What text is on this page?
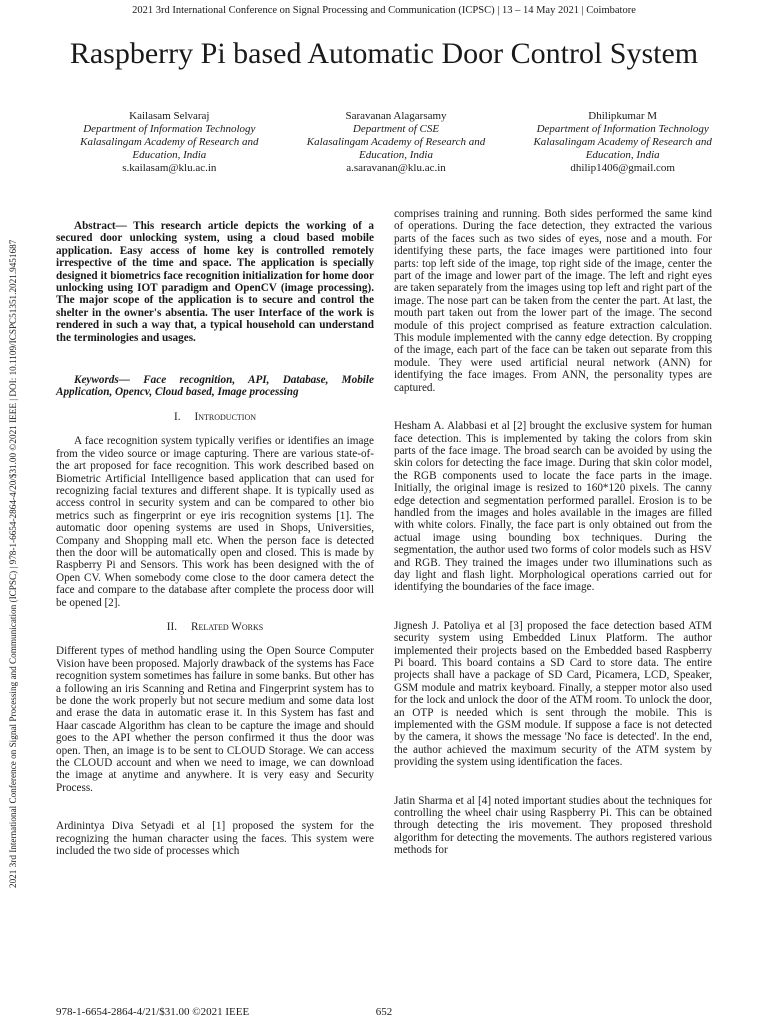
2021 3rd International Conference on Signal Processing and Communication (ICPSC) | 13 – 14 May 2021 | Coimbatore
2021 3rd International Conference on Signal Processing and Communication (ICPSC) | 978-1-6654-2864-4/20/$31.00 ©2021 IEEE | DOI: 10.1109/ICSPC51351.2021.9451687
Raspberry Pi based Automatic Door Control System
Kailasam Selvaraj
Department of Information Technology
Kalasalingam Academy of Research and Education, India
s.kailasam@klu.ac.in
Saravanan Alagarsamy
Department of CSE
Kalasalingam Academy of Research and Education, India
a.saravanan@klu.ac.in
Dhilipkumar M
Department of Information Technology
Kalasalingam Academy of Research and Education, India
dhilip1406@gmail.com

Abstract— This research article depicts the working of a secured door unlocking system, using a cloud based mobile application. Easy access of home key is controlled remotely irrespective of the time and space. The application is specially designed it biometrics face recognition initialization for home door unlocking using IOT paradigm and OpenCV (image processing). The major scope of the application is to secure and control the shelter in the owner's absentia. The user Interface of the work is rendered in such a way that, a typical household can understand the terminologies and usages.

Keywords— Face recognition, API, Database, Mobile Application, Opencv, Cloud based, Image processing

I. Introduction

A face recognition system typically verifies or identifies an image from the video source or image capturing. There are various state-of-the art proposed for face recognition. This work described based on Biometric Artificial Intelligence based application that can used for recognizing facial textures and different shape. It is typically used as access control in security system and can be compared to other bio metrics such as fingerprint or eye iris recognition systems [1]. The automatic door opening systems are used in Shops, Universities, Company and Shopping mall etc. When the person face is detected then the door will be automatically open and closed. This is made by Raspberry Pi and Sensors. This work has been designed with the of Open CV. When somebody come close to the door camera detect the face and compare to the database after complete the process door will be opened [2].

II. Related Works

Different types of method handling using the Open Source Computer Vision have been proposed. Majorly drawback of the systems has Face recognition system sometimes has failure in some banks. But other has a following an iris Scanning and Retina and Fingerprint system has to be done the work properly but not secure medium and some data lost and erase the data in automatic erase it. In this System has fast and Haar cascade Algorithm has clean to be capture the image and should goes to the API whether the person confirmed it thus the door was open. Then, an image is to be sent to CLOUD Storage. We can access the CLOUD account and when we need to image, we can download the image at anytime and anywhere. It is very easy and Security Process.

Ardinintya Diva Setyadi et al [1] proposed the system for the recognizing the human character using the faces. This system were included the two side of processes which

comprises training and running. Both sides performed the same kind of operations. During the face detection, they extracted the various parts of the faces such as two sides of eyes, nose and a mouth. For identifying these parts, the face images were partitioned into four parts: top left side of the image, top right side of the image, center the part of the image and lower part of the image. The left and right eyes are taken separately from the images using top left and right part of the image. The nose part can be taken from the center the part. At last, the mouth part taken out from the lower part of the image. The second module of this project comprised as feature extraction calculation. This module implemented with the canny edge detection. By cropping of the image, each part of the face can be taken out separate from this module. They were used artificial neural network (ANN) for identifying the face images. From ANN, the personality types are captured.

Hesham A. Alabbasi et al [2] brought the exclusive system for human face detection. This is implemented by taking the colors from skin parts of the face image. The broad search can be avoided by using the skin colors for detecting the face image. During that skin color model, the RGB components used to locate the face parts in the image. Initially, the original image is resized to 160*120 pixels. The canny edge detection and segmentation performed parallel. Erosion is to be handled from the images and holes available in the images are filled with white colors. Finally, the face part is only obtained out from the actual image using bounding box techniques. During the segmentation, the author used two forms of color models such as HSV and RGB. They trained the images under two illuminations such as day light and flash light. Morphological operations carried out for identifying the boundaries of the face image.

Jignesh J. Patoliya et al [3] proposed the face detection based ATM security system using Embedded Linux Platform. The author implemented their projects based on the Embedded based Raspberry Pi board. This board contains a SD Card to store data. The entire projects shall have a package of SD Card, Picamera, LCD, Speaker, GSM module and matrix keyboard. Finally, a stepper motor also used for the lock and unlock the door of the ATM room. To unlock the door, an OTP is needed which is sent through the mobile. This is implemented with the GSM module. If suppose a face is not detected by the camera, it shows the message 'No face is detected'. In the end, the author achieved the maximum security of the ATM system by providing the system using identification the faces.

Jatin Sharma et al [4] noted important studies about the techniques for controlling the wheel chair using Raspberry Pi. This can be obtained through detecting the iris movement. They proposed threshold algorithm for detecting the movements. The authors registered various methods for

978-1-6654-2864-4/21/$31.00 ©2021 IEEE	652
